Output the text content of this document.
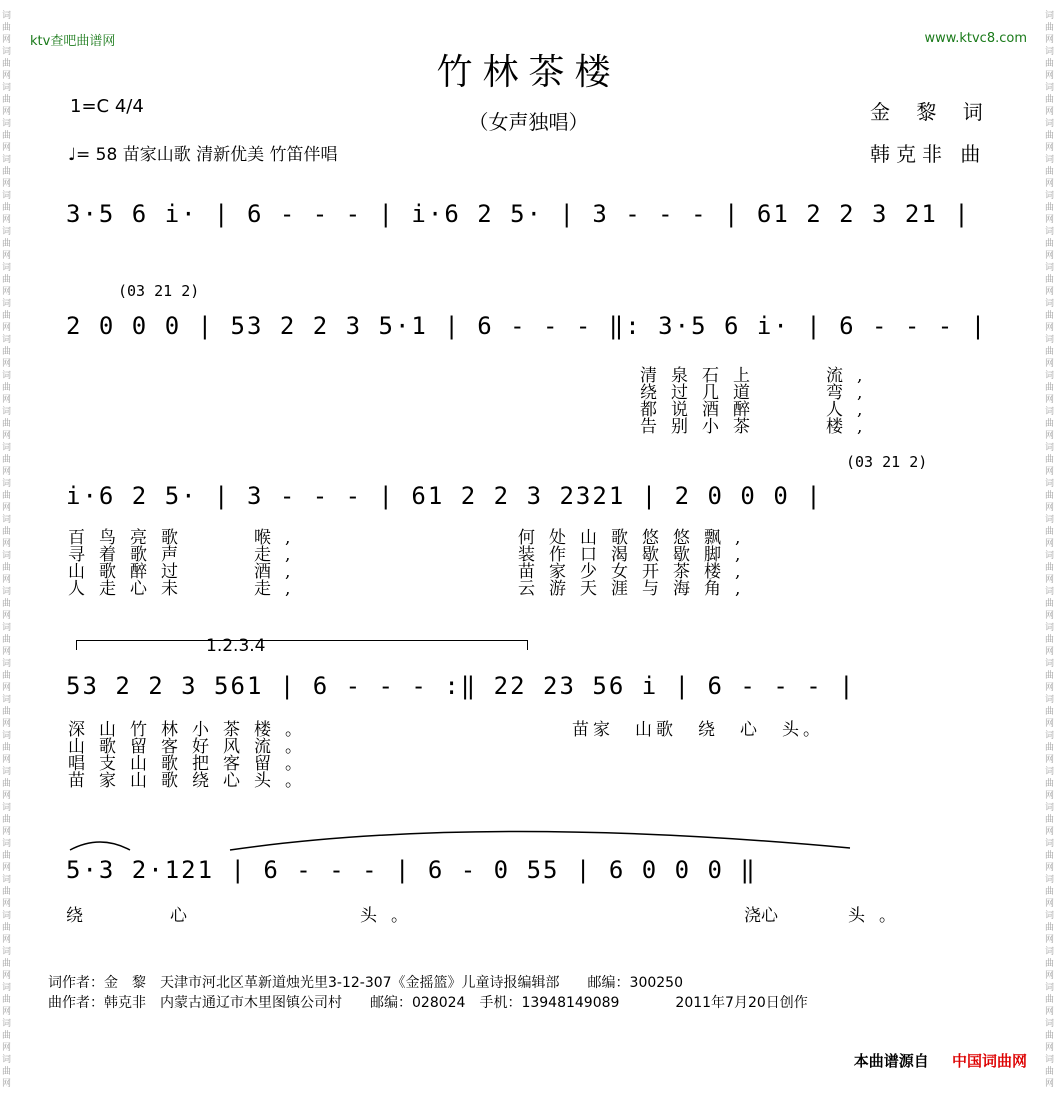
词
曲
网
词
曲
网
词
曲
网
词
曲
网
词
曲
网
词
曲
网
词
曲
网
词
曲
网
词
曲
网
词
曲
网
词
曲
网
词
曲
网
词
曲
网
词
曲
网
词
曲
网
词
曲
网
词
曲
网
词
曲
网
词
曲
网
词
曲
网
词
曲
网
词
曲
网
词
曲
网
词
曲
网
词
曲
网
词
曲
网
词
曲
网
词
曲
网
词
曲
网
词
曲
网
词
曲
网
词
曲
网
词
曲
网
词
曲
网
词
曲
网
词
曲
网
词
曲
网
词
曲
网
词
曲
网
词
曲
网
词
曲
网
词
曲
网
词
曲
网
词
曲
网
词
曲
网
词
曲
网
词
曲
网
词
曲
网
词
曲
网
词
曲
网
词
曲
网
词
曲
网
词
曲
网
词
曲
网
词
曲
网
词
曲
网
词
曲
网
词
曲
网
词
曲
网
词
曲
网
ktv查吧曲谱网	www.ktvc8.com
竹林茶楼
（女声独唱）
1=C 4/4
♩= 58 苗家山歌 清新优美 竹笛伴唱
金 黎 词
韩克非 曲
3·5 6 i· | 6 - - - | i·6 2 5· | 3 - - - | 61 2 2 3 21 |
(03 21 2)
2 0 0 0 | 53 2 2 3 5·1 | 6 - - - ‖: 3·5 6 i· | 6 - - - |
清泉石上　　流,
绕过几道　　弯,
都说酒醉　　人,
告别小茶　　楼,
(03 21 2)
i·6 2 5· | 3 - - - | 61 2 2 3 2321 | 2 0 0 0 |
百鸟亮歌　　喉,
寻着歌声　　走,
山歌醉过　　酒,
人走心未　　走,
何处山歌悠悠飘,
装作口渴歇歇脚,
苗家少女开茶楼,
云游天涯与海角,
1.2.3.4
53 2 2 3 561 | 6 - - - :‖ 22 23 56 i | 6 - - - |
深山竹林小茶楼。
山歌留客好风流。
唱支山歌把客留。
苗家山歌绕心头。
苗家　山歌　绕　心　头。
5·3 2·121 | 6 - - - | 6 - 0 55 | 6 0 0 0 ‖
绕	心	头。	浇心	头。
词作者：金　黎　天津市河北区革新道烛光里3-12-307《金摇篮》儿童诗报编辑部　　邮编：300250
曲作者：韩克非　内蒙古通辽市木里图镇公司村　　邮编：028024　手机：13948149089　　　　2011年7月20日创作
本曲谱源自 中国词曲网
